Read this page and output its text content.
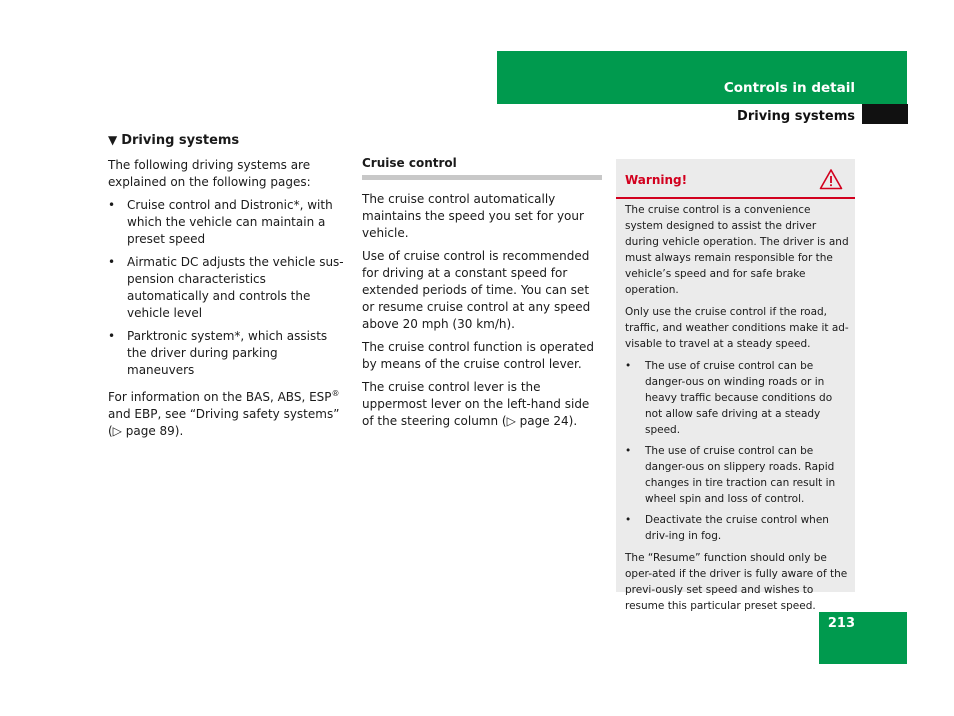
Controls in detail
Driving systems
▼ Driving systems

The following driving systems are explained on the following pages:

• Cruise control and Distronic*, with which the vehicle can maintain a preset speed
• Airmatic DC adjusts the vehicle sus-pension characteristics automatically and controls the vehicle level
• Parktronic system*, which assists the driver during parking maneuvers

For information on the BAS, ABS, ESP® and EBP, see “Driving safety systems”
(▷ page 89).

Cruise control

The cruise control automatically maintains the speed you set for your vehicle.

Use of cruise control is recommended for driving at a constant speed for extended periods of time. You can set or resume cruise control at any speed above 20 mph (30 km/h).

The cruise control function is operated by means of the cruise control lever.

The cruise control lever is the uppermost lever on the left-hand side of the steering column (▷ page 24).

Warning!

The cruise control is a convenience system designed to assist the driver during vehicle operation. The driver is and must always remain responsible for the vehicle’s speed and for safe brake operation.

Only use the cruise control if the road, traffic, and weather conditions make it ad-visable to travel at a steady speed.

• The use of cruise control can be danger-ous on winding roads or in heavy traffic because conditions do not allow safe driving at a steady speed.
• The use of cruise control can be danger-ous on slippery roads. Rapid changes in tire traction can result in wheel spin and loss of control.
• Deactivate the cruise control when driv-ing in fog.

The “Resume” function should only be oper-ated if the driver is fully aware of the previ-ously set speed and wishes to resume this particular preset speed.

213
